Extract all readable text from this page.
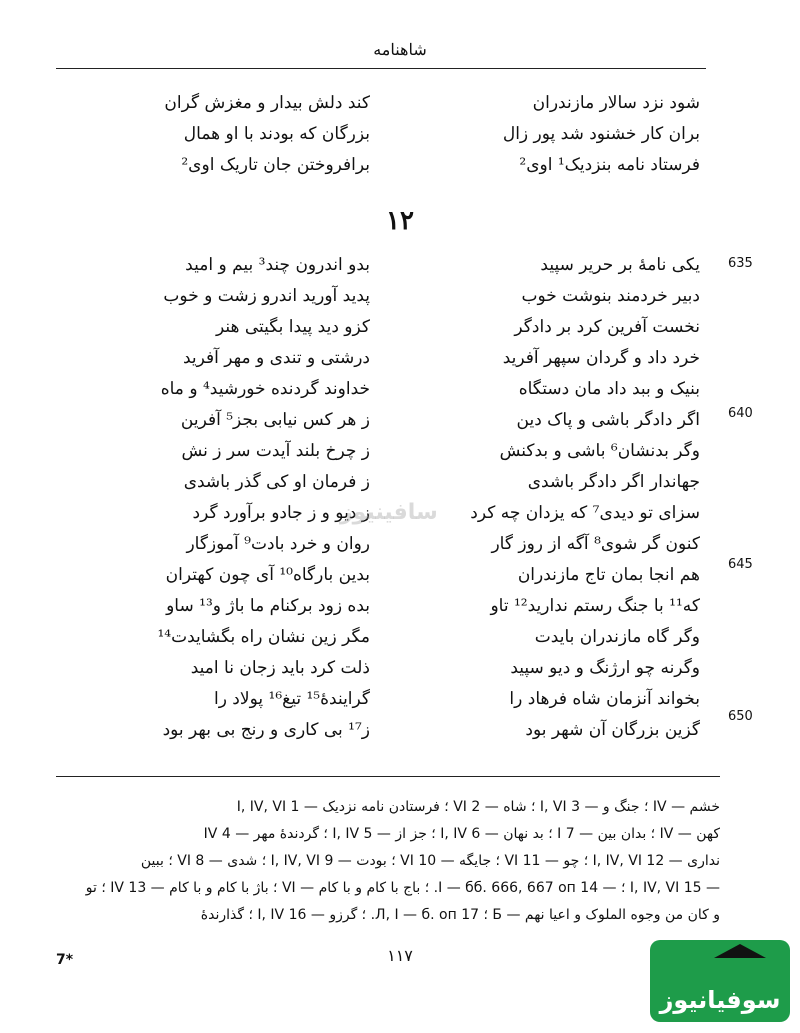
شاهنامه
شود نزد سالار مازندران
بران کار خشنود شد پور زال
فرستاد نامه بنزدیک¹ اوی²
کند دلش بیدار و مغزش گران
بزرگان که بودند با او همال
برافروختن جان تاریک اوی²
۱۲
یکی نامهٔ بر حریر سپید
دبیر خردمند بنوشت خوب
نخست آفرین کرد بر دادگر
خرد داد و گردان سپهر آفرید
بنیک و ببد داد مان دستگاه
اگر دادگر باشی و پاک دین
وگر بدنشان⁶ باشی و بدکنش
جهاندار اگر دادگر باشدی
سزای تو دیدی⁷ که یزدان چه کرد
کنون گر شوی⁸ آگه از روز گار
هم انجا بمان تاج مازندران
که¹¹ با جنگ رستم ندارید¹² تاو
وگر گاه مازندران بایدت
وگرنه چو ارژنگ و دیو سپید
بخواند آنزمان شاه فرهاد را
گزین بزرگان آن شهر بود
بدو اندرون چند³ بیم و امید
پدید آورید اندرو زشت و خوب
کزو دید پیدا بگیتی هنر
درشتی و تندی و مهر آفرید
خداوند گردنده خورشید⁴ و ماه
ز هر کس نیابی بجز⁵ آفرین
ز چرخ بلند آیدت سر ز نش
ز فرمان او کی گذر باشدی
ز دیو و ز جادو برآورد گرد
روان و خرد بادت⁹ آموزگار
بدین بارگاه¹⁰ آی چون کهتران
بده زود برکنام ما باژ و¹³ ساو
مگر زین نشان راه بگشایدت¹⁴
ذلت کرد باید زجان نا امید
گرایندهٔ¹⁵ تیغ¹⁶ پولاد را
ز¹⁷ بی کاری و رنج بی بهر بود
635
640
645
650
خشم — IV ؛ جنگ و — 3 I, VI ؛ شاه — 2 VI ؛ فرستادن نامه نزدیک — 1 I, IV, VI
کهن — IV ؛ بدان بین — 7 I ؛ بد نهان — 6 I, IV ؛ جز از — 5 I, IV ؛ گردندهٔ مهر — 4 IV
ندارى — 12 I, IV, VI ؛ چو — 11 VI ؛ جایگه — 10 VI ؛ بودت — 9 I, IV, VI ؛ شدی — 8 VI ؛ ببین
— 15 I, IV, VI ؛ — 14 I — бб. 666, 667 оп. ؛ باج با کام و با کام — VI ؛ باژ با کام و با کام — 13 IV ؛ تو
و کان من وجوه الملوک و اعیا نهم — Б ؛ 17 Л, I — б. оп. ؛ گرزو — 16 I, IV ؛ گذارندهٔ
۱۱۷
7*
سافینیوز
سوفیانیوز
